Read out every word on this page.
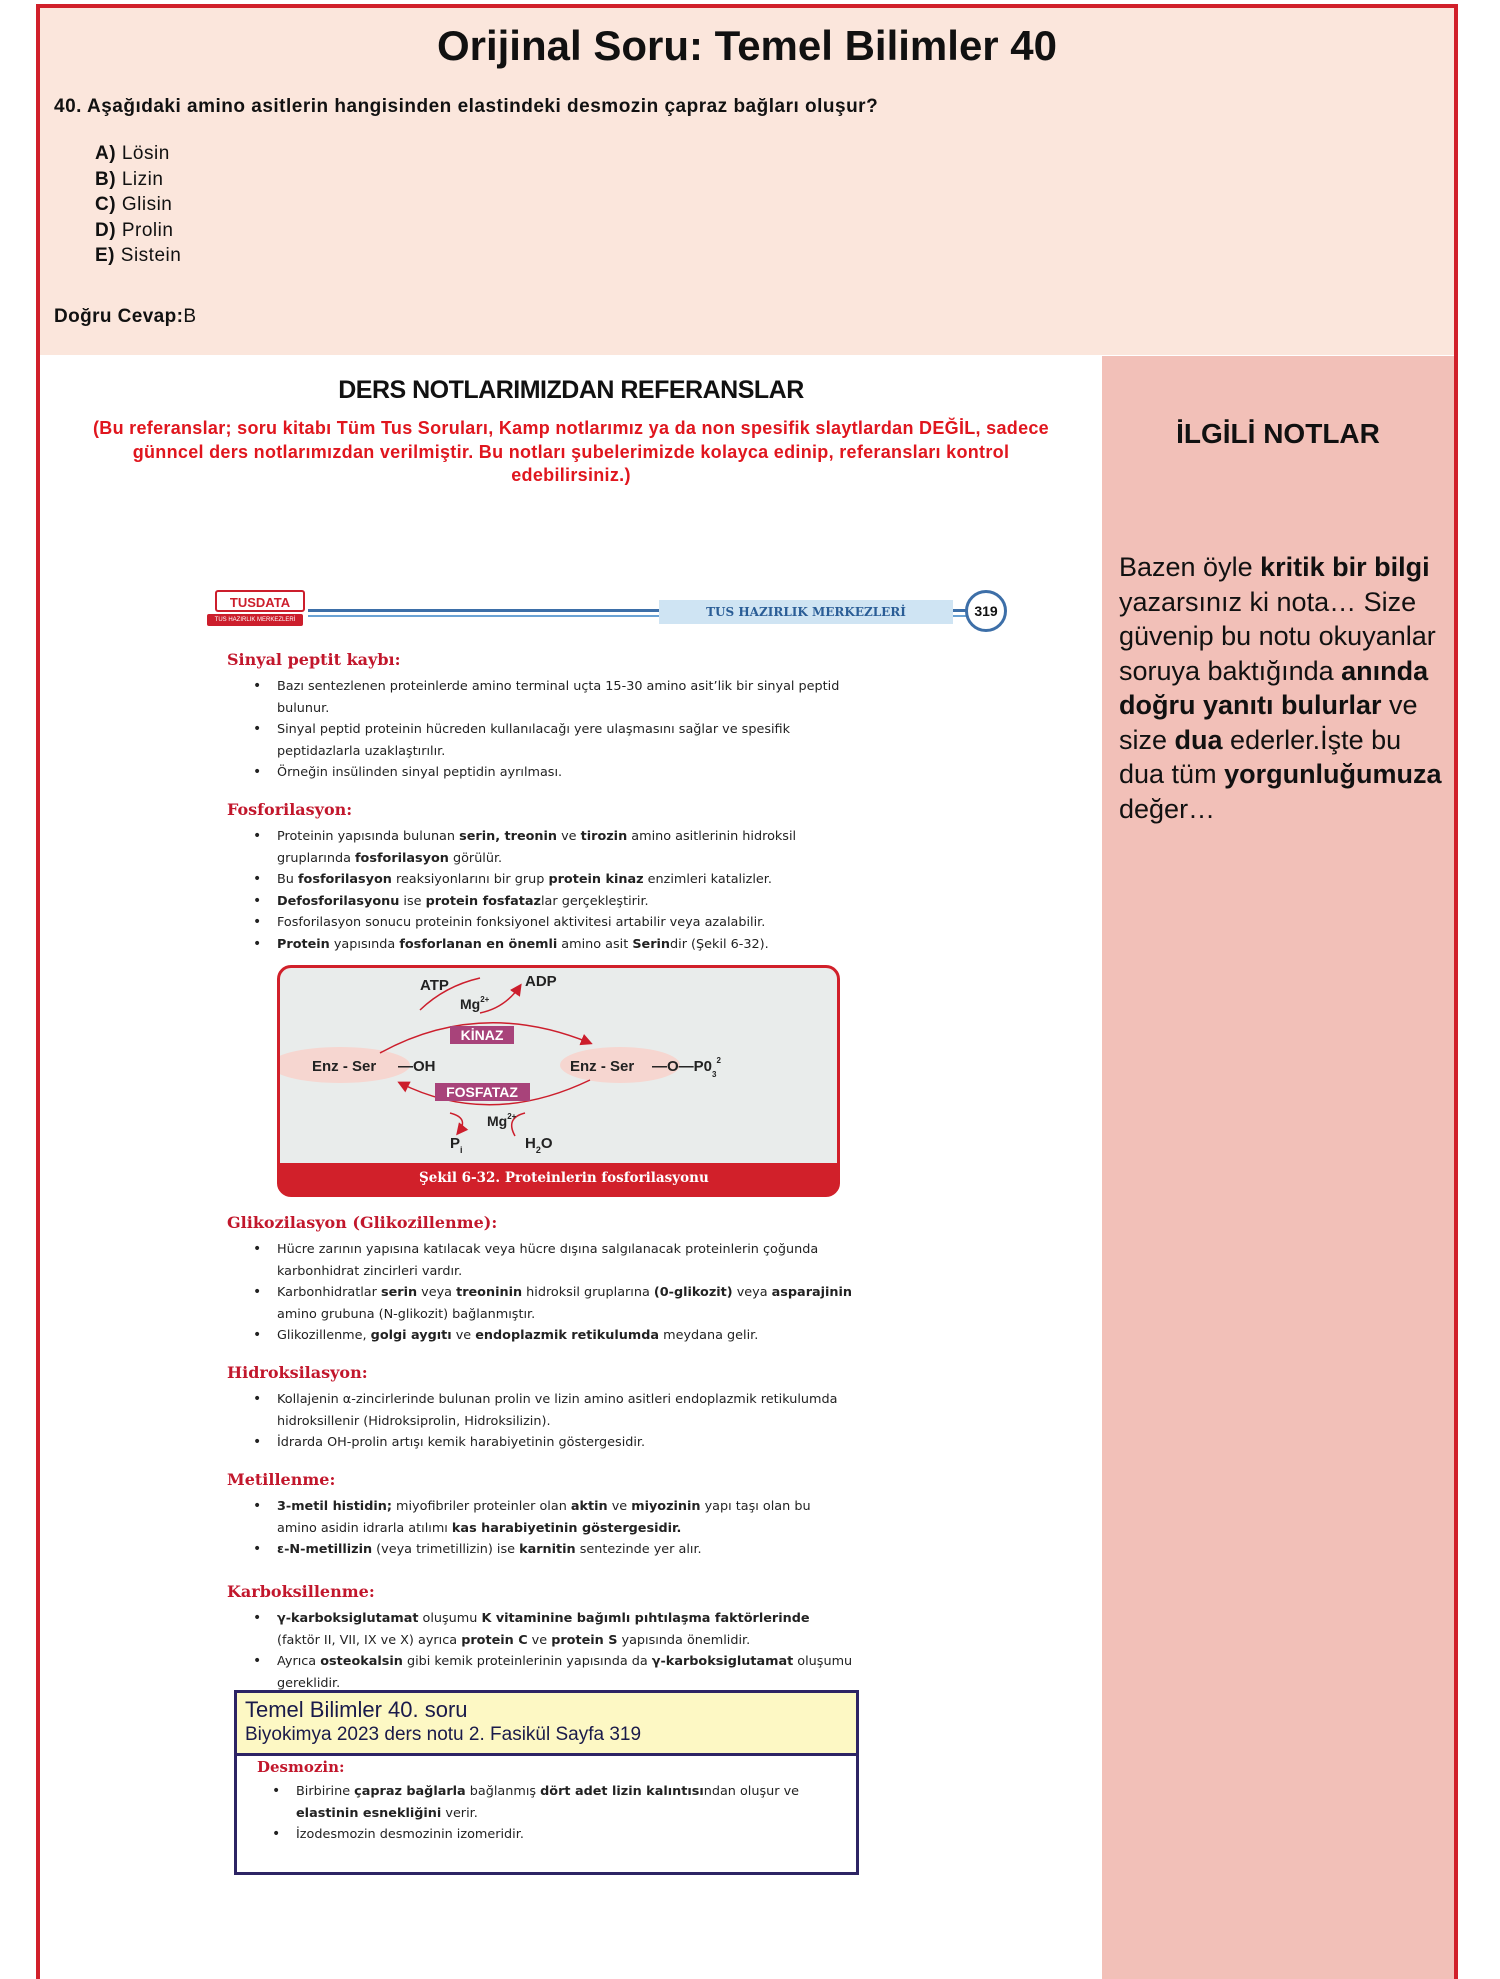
Orijinal Soru: Temel Bilimler 40
40. Aşağıdaki amino asitlerin hangisinden elastindeki desmozin çapraz bağları oluşur?
A) Lösin
B) Lizin
C) Glisin
D) Prolin
E) Sistein
Doğru Cevap:B
DERS NOTLARIMIZDAN REFERANSLAR
(Bu referanslar; soru kitabı Tüm Tus Soruları, Kamp notlarımız ya da non spesifik slaytlardan DEĞİL, sadece günncel ders notlarımızdan verilmiştir. Bu notları şubelerimizde kolayca edinip, referansları kontrol edebilirsiniz.)
İLGİLİ NOTLAR
Bazen öyle kritik bir bilgi yazarsınız ki nota… Size güvenip bu notu okuyanlar soruya baktığında anında doğru yanıtı bulurlar ve size dua ederler.İşte bu dua tüm yorgunluğumuza değer…
TUSDATA
TUS HAZIRLIK MERKEZLERİ
TUS HAZIRLIK MERKEZLERİ	319
Sinyal peptit kaybı:
• Bazı sentezlenen proteinlerde amino terminal uçta 15-30 amino asit’lik bir sinyal peptid bulunur.
• Sinyal peptid proteinin hücreden kullanılacağı yere ulaşmasını sağlar ve spesifik peptidazlarla uzaklaştırılır.
• Örneğin insülinden sinyal peptidin ayrılması.
Fosforilasyon:
• Proteinin yapısında bulunan serin, treonin ve tirozin amino asitlerinin hidroksil gruplarında fosforilasyon görülür.
• Bu fosforilasyon reaksiyonlarını bir grup protein kinaz enzimleri katalizler.
• Defosforilasyonu ise protein fosfatazlar gerçekleştirir.
• Fosforilasyon sonucu proteinin fonksiyonel aktivitesi artabilir veya azalabilir.
• Protein yapısında fosforlanan en önemli amino asit Serindir (Şekil 6-32).
Glikozilasyon (Glikozillenme):
• Hücre zarının yapısına katılacak veya hücre dışına salgılanacak proteinlerin çoğunda karbonhidrat zincirleri vardır.
• Karbonhidratlar serin veya treoninin hidroksil gruplarına (0-glikozit) veya asparajinin amino grubuna (N-glikozit) bağlanmıştır.
• Glikozillenme, golgi aygıtı ve endoplazmik retikulumda meydana gelir.
Hidroksilasyon:
• Kollajenin α-zincirlerinde bulunan prolin ve lizin amino asitleri endoplazmik retikulumda hidroksillenir (Hidroksiprolin, Hidroksilizin).
• İdrarda OH-prolin artışı kemik harabiyetinin göstergesidir.
Metillenme:
• 3-metil histidin; miyofibriler proteinler olan aktin ve miyozinin yapı taşı olan bu amino asidin idrarla atılımı kas harabiyetinin göstergesidir.
• ε-N-metillizin (veya trimetillizin) ise karnitin sentezinde yer alır.
Karboksillenme:
• γ-karboksiglutamat oluşumu K vitaminine bağımlı pıhtılaşma faktörlerinde (faktör II, VII, IX ve X) ayrıca protein C ve protein S yapısında önemlidir.
• Ayrıca osteokalsin gibi kemik proteinlerinin yapısında da γ-karboksiglutamat oluşumu gereklidir.
ATP	ADP
$Mg^{2+}$
KİNAZ
FOSFATAZ
Enz - Ser —OH	Enz - Ser $—O—P0_3^2$
$Mg^{2+}$
$P_i$	$H_2O$
Şekil 6-32. Proteinlerin fosforilasyonu
Temel Bilimler 40. soru
Biyokimya 2023 ders notu 2. Fasikül Sayfa 319
Desmozin:
• Birbirine çapraz bağlarla bağlanmış dört adet lizin kalıntısından oluşur ve elastinin esnekliğini verir.
• İzodesmozin desmozinin izomeridir.
